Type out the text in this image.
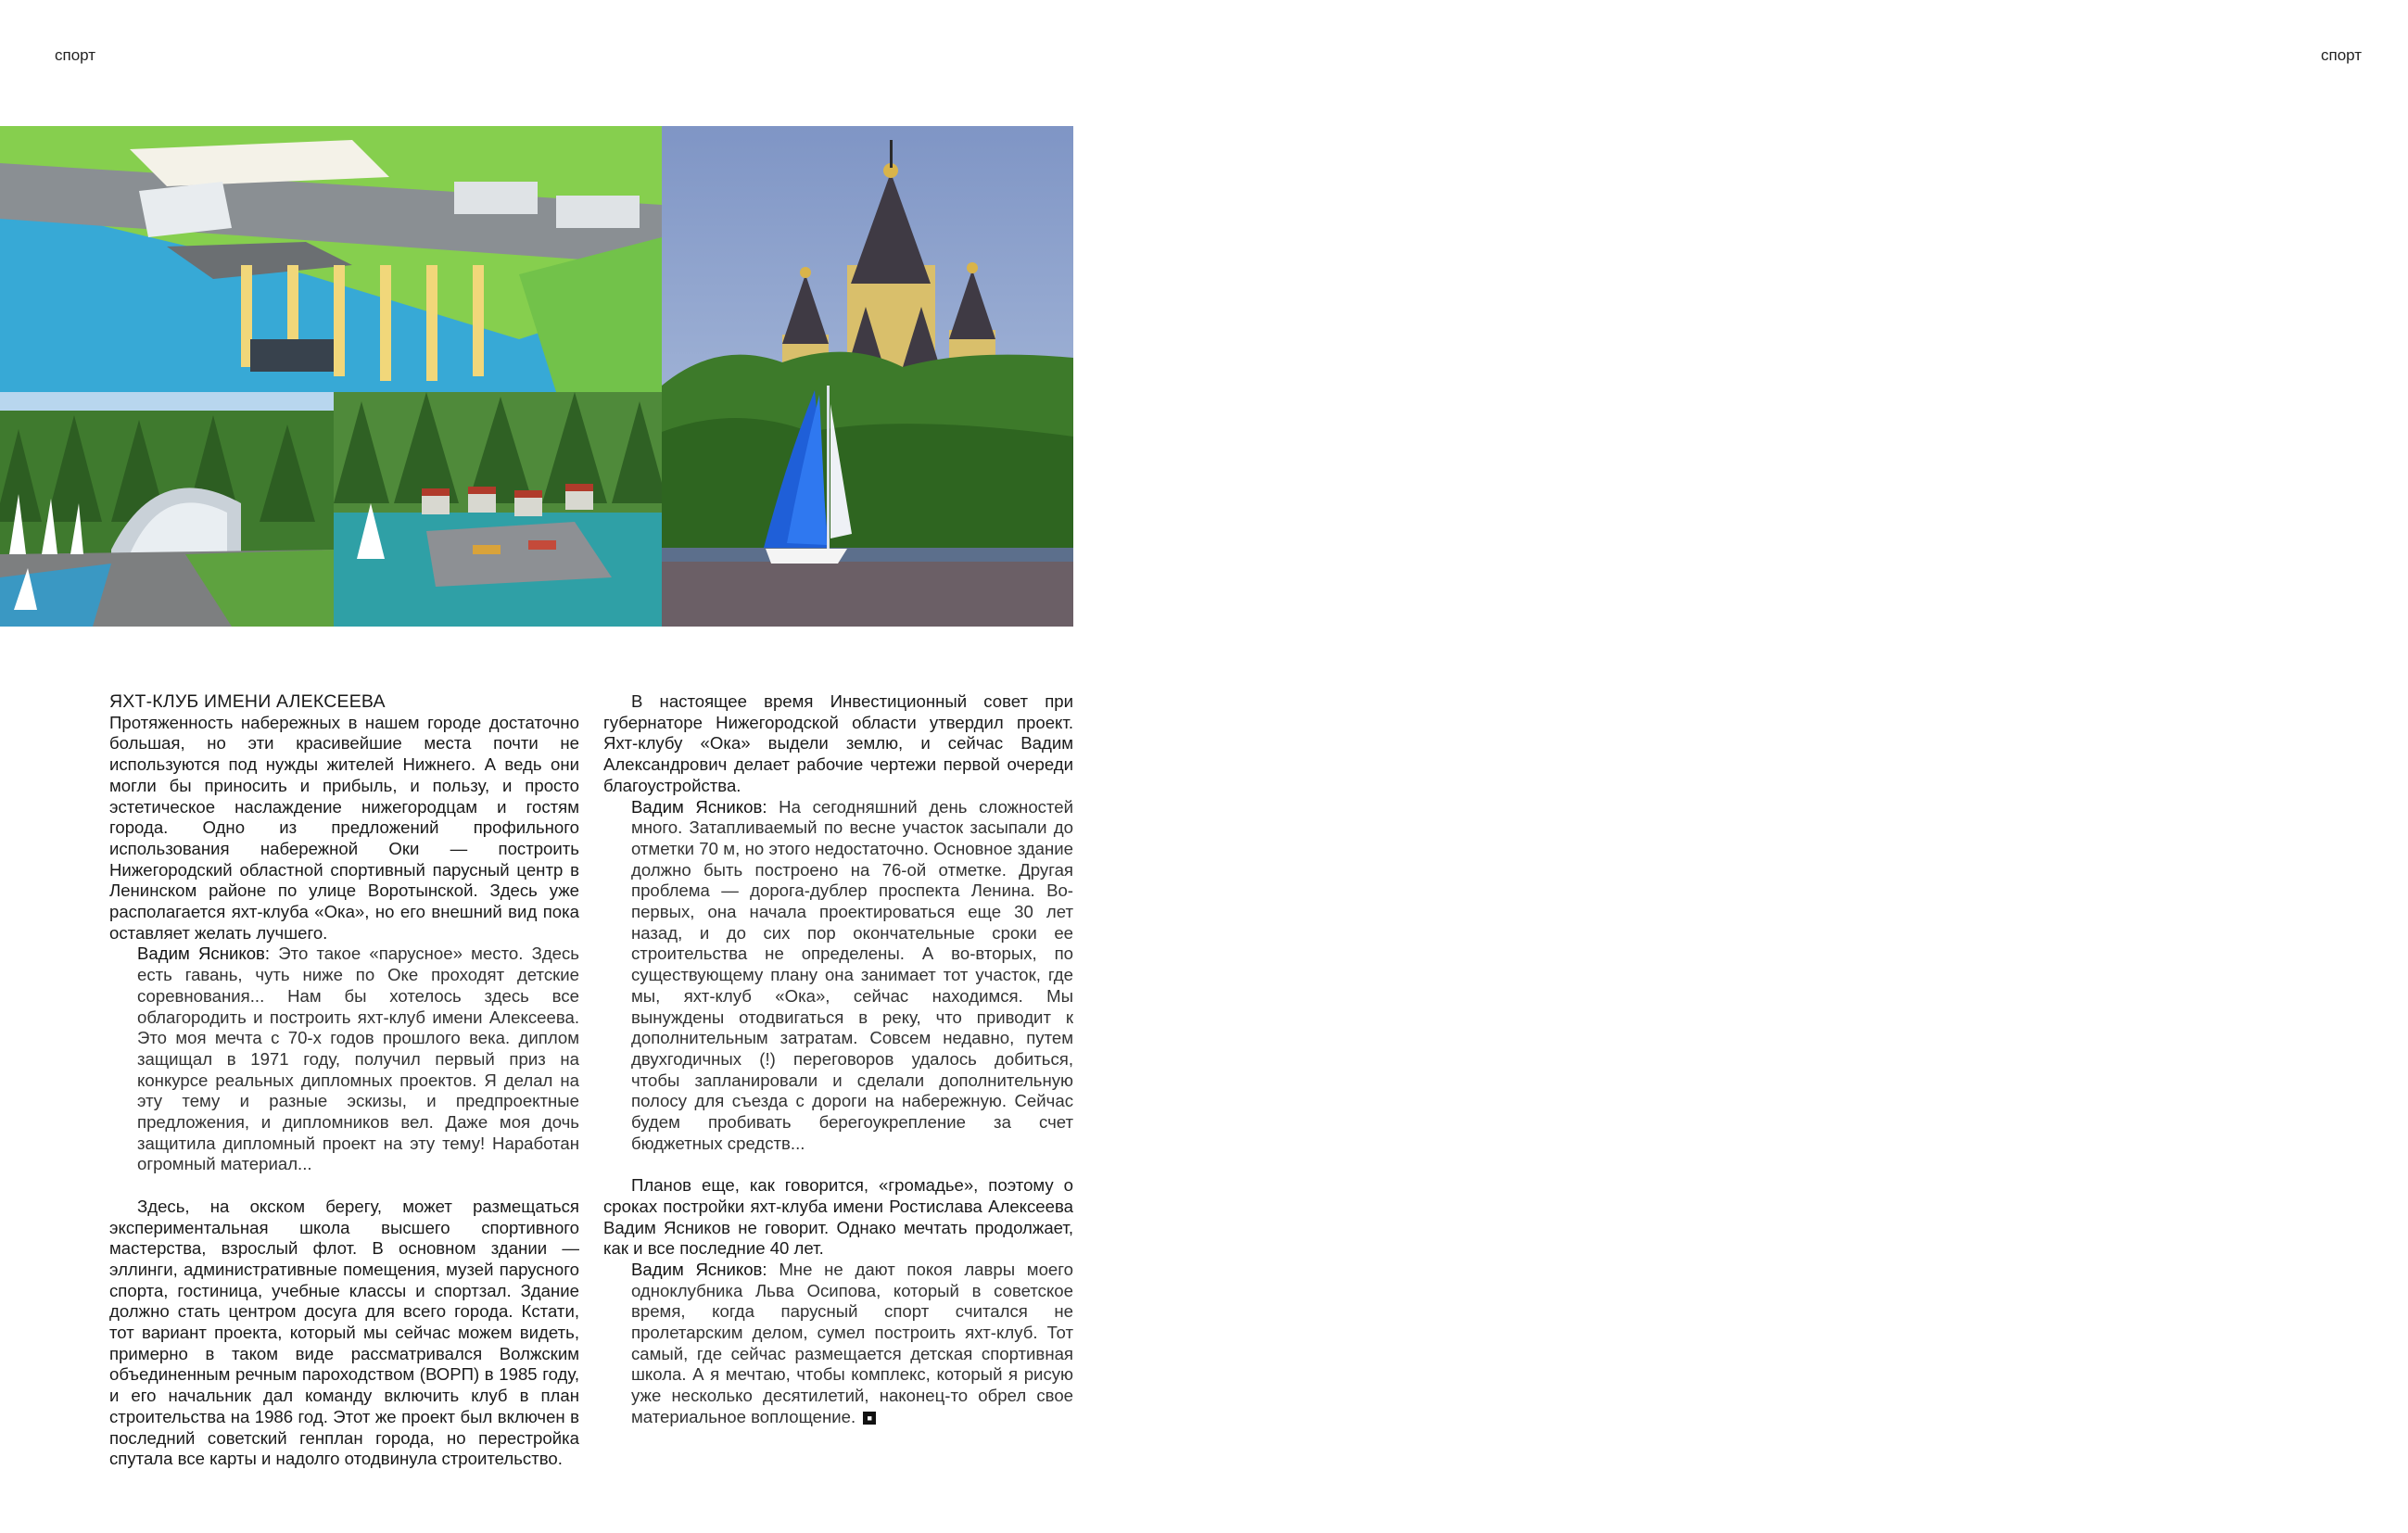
спорт	спорт

ЯХТ-КЛУБ ИМЕНИ АЛЕКСЕЕВА

Протяженность набережных в нашем городе достаточно большая, но эти красивейшие места почти не используются под нужды жителей Нижнего. А ведь они могли бы приносить и прибыль, и пользу, и просто эстетическое наслаждение нижегородцам и гостям города. Одно из предложений профильного использования набережной Оки — построить Нижегородский областной спортивный парусный центр в Ленинском районе по улице Воротынской. Здесь уже располагается яхт-клуба «Ока», но его внешний вид пока оставляет желать лучшего.

Вадим Ясников: Это такое «парусное» место. Здесь есть гавань, чуть ниже по Оке проходят детские соревнования... Нам бы хотелось здесь все облагородить и построить яхт-клуб имени Алексеева. Это моя мечта с 70-х годов прошлого века. диплом защищал в 1971 году, получил первый приз на конкурсе реальных дипломных проектов. Я делал на эту тему и разные эскизы, и предпроектные предложения, и дипломников вел. Даже моя дочь защитила дипломный проект на эту тему! Наработан огромный материал...

Здесь, на окском берегу, может размещаться экспериментальная школа высшего спортивного мастерства, взрослый флот. В основном здании — эллинги, административные помещения, музей парусного спорта, гостиница, учебные классы и спортзал. Здание должно стать центром досуга для всего города. Кстати, тот вариант проекта, который мы сейчас можем видеть, примерно в таком виде рассматривался Волжским объединенным речным пароходством (ВОРП) в 1985 году, и его начальник дал команду включить клуб в план строительства на 1986 год. Этот же проект был включен в последний советский генплан города, но перестройка спутала все карты и надолго отодвинула строительство.

В настоящее время Инвестиционный совет при губернаторе Нижегородской области утвердил проект. Яхт-клубу «Ока» выдели землю, и сейчас Вадим Александрович делает рабочие чертежи первой очереди благоустройства.

Вадим Ясников: На сегодняшний день сложностей много. Затапливаемый по весне участок засыпали до отметки 70 м, но этого недостаточно. Основное здание должно быть построено на 76-ой отметке. Другая проблема — дорога-дублер проспекта Ленина. Во-первых, она начала проектироваться еще 30 лет назад, и до сих пор окончательные сроки ее строительства не определены. А во-вторых, по существующему плану она занимает тот участок, где мы, яхт-клуб «Ока», сейчас находимся. Мы вынуждены отодвигаться в реку, что приводит к дополнительным затратам. Совсем недавно, путем двухгодичных (!) переговоров удалось добиться, чтобы запланировали и сделали дополнительную полосу для съезда с дороги на набережную. Сейчас будем пробивать берегоукрепление за счет бюджетных средств...

Планов еще, как говорится, «громадье», поэтому о сроках постройки яхт-клуба имени Ростислава Алексеева Вадим Ясников не говорит. Однако мечтать продолжает, как и все последние 40 лет.

Вадим Ясников: Мне не дают покоя лавры моего одноклубника Льва Осипова, который в советское время, когда парусный спорт считался не пролетарским делом, сумел построить яхт-клуб. Тот самый, где сейчас размещается детская спортивная школа. А я мечтаю, чтобы комплекс, который я рисую уже несколько десятилетий, наконец-то обрел свое материальное воплощение. ■
